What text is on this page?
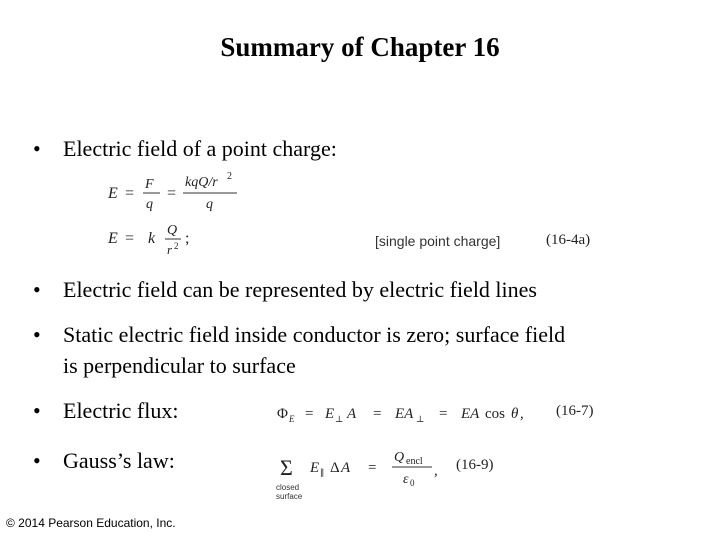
Summary of Chapter 16
• Electric field of a point charge:
E =
F
q
=
kqQ/r 2
q
E = k Q
r 2 ;	[single point charge]	(16-4a)
• Electric field can be represented by electric field lines
• Static electric field inside conductor is zero; surface field
is perpendicular to surface
• Electric flux:	Φ E = E ⊥ A = EA ⊥ = EA cos θ , (16-7)
• Gauss’s law:	Σ E ∥ Δ A =
Q encl
ε 0
,
closed surface
(16-9)
© 2014 Pearson Education, Inc.
